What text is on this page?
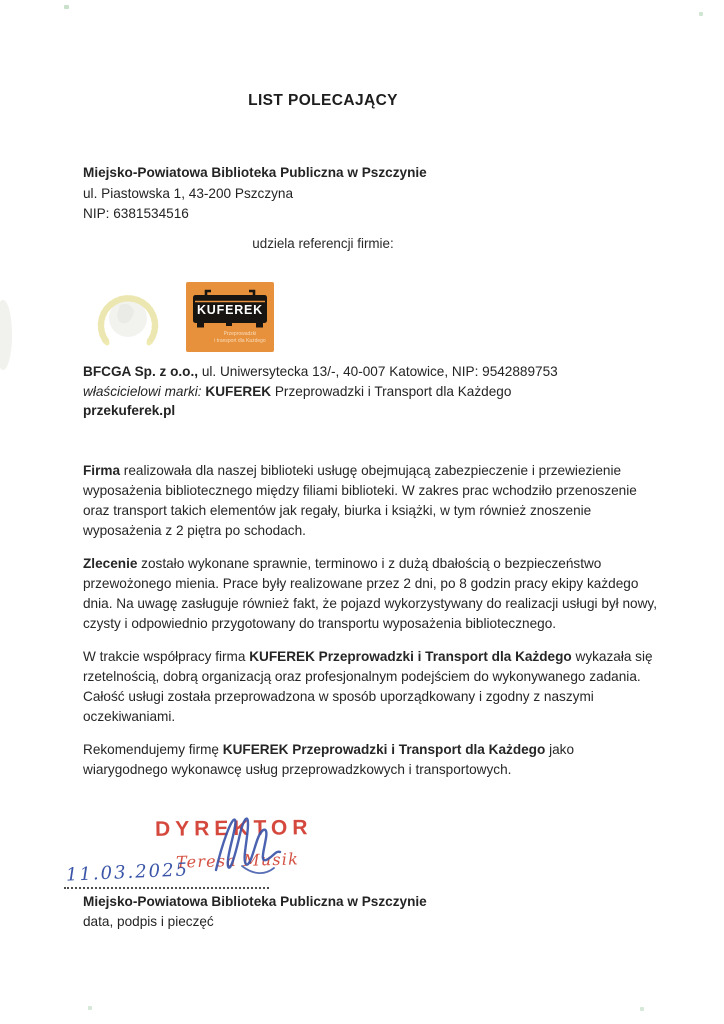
LIST POLECAJĄCY
Miejsko-Powiatowa Biblioteka Publiczna w Pszczynie
ul. Piastowska 1, 43-200 Pszczyna
NIP: 6381534516
udziela referencji firmie:
KUFEREK
Przeprowadzki
i transport dla Każdego
BFCGA Sp. z o.o., ul. Uniwersytecka 13/-, 40-007 Katowice, NIP: 9542889753
właścicielowi marki: KUFEREK Przeprowadzki i Transport dla Każdego
przekuferek.pl

Firma realizowała dla naszej biblioteki usługę obejmującą zabezpieczenie i przewiezienie wyposażenia bibliotecznego między filiami biblioteki. W zakres prac wchodziło przenoszenie oraz transport takich elementów jak regały, biurka i książki, w tym również znoszenie wyposażenia z 2 piętra po schodach.

Zlecenie zostało wykonane sprawnie, terminowo i z dużą dbałością o bezpieczeństwo przewożonego mienia. Prace były realizowane przez 2 dni, po 8 godzin pracy ekipy każdego dnia. Na uwagę zasługuje również fakt, że pojazd wykorzystywany do realizacji usługi był nowy, czysty i odpowiednio przygotowany do transportu wyposażenia bibliotecznego.

W trakcie współpracy firma KUFEREK Przeprowadzki i Transport dla Każdego wykazała się rzetelnością, dobrą organizacją oraz profesjonalnym podejściem do wykonywanego zadania. Całość usługi została przeprowadzona w sposób uporządkowany i zgodny z naszymi oczekiwaniami.

Rekomendujemy firmę KUFEREK Przeprowadzki i Transport dla Każdego jako wiarygodnego wykonawcę usług przeprowadzkowych i transportowych.

DYREKTOR
Teresa Musik
11.03.2025
Miejsko-Powiatowa Biblioteka Publiczna w Pszczynie
data, podpis i pieczęć
